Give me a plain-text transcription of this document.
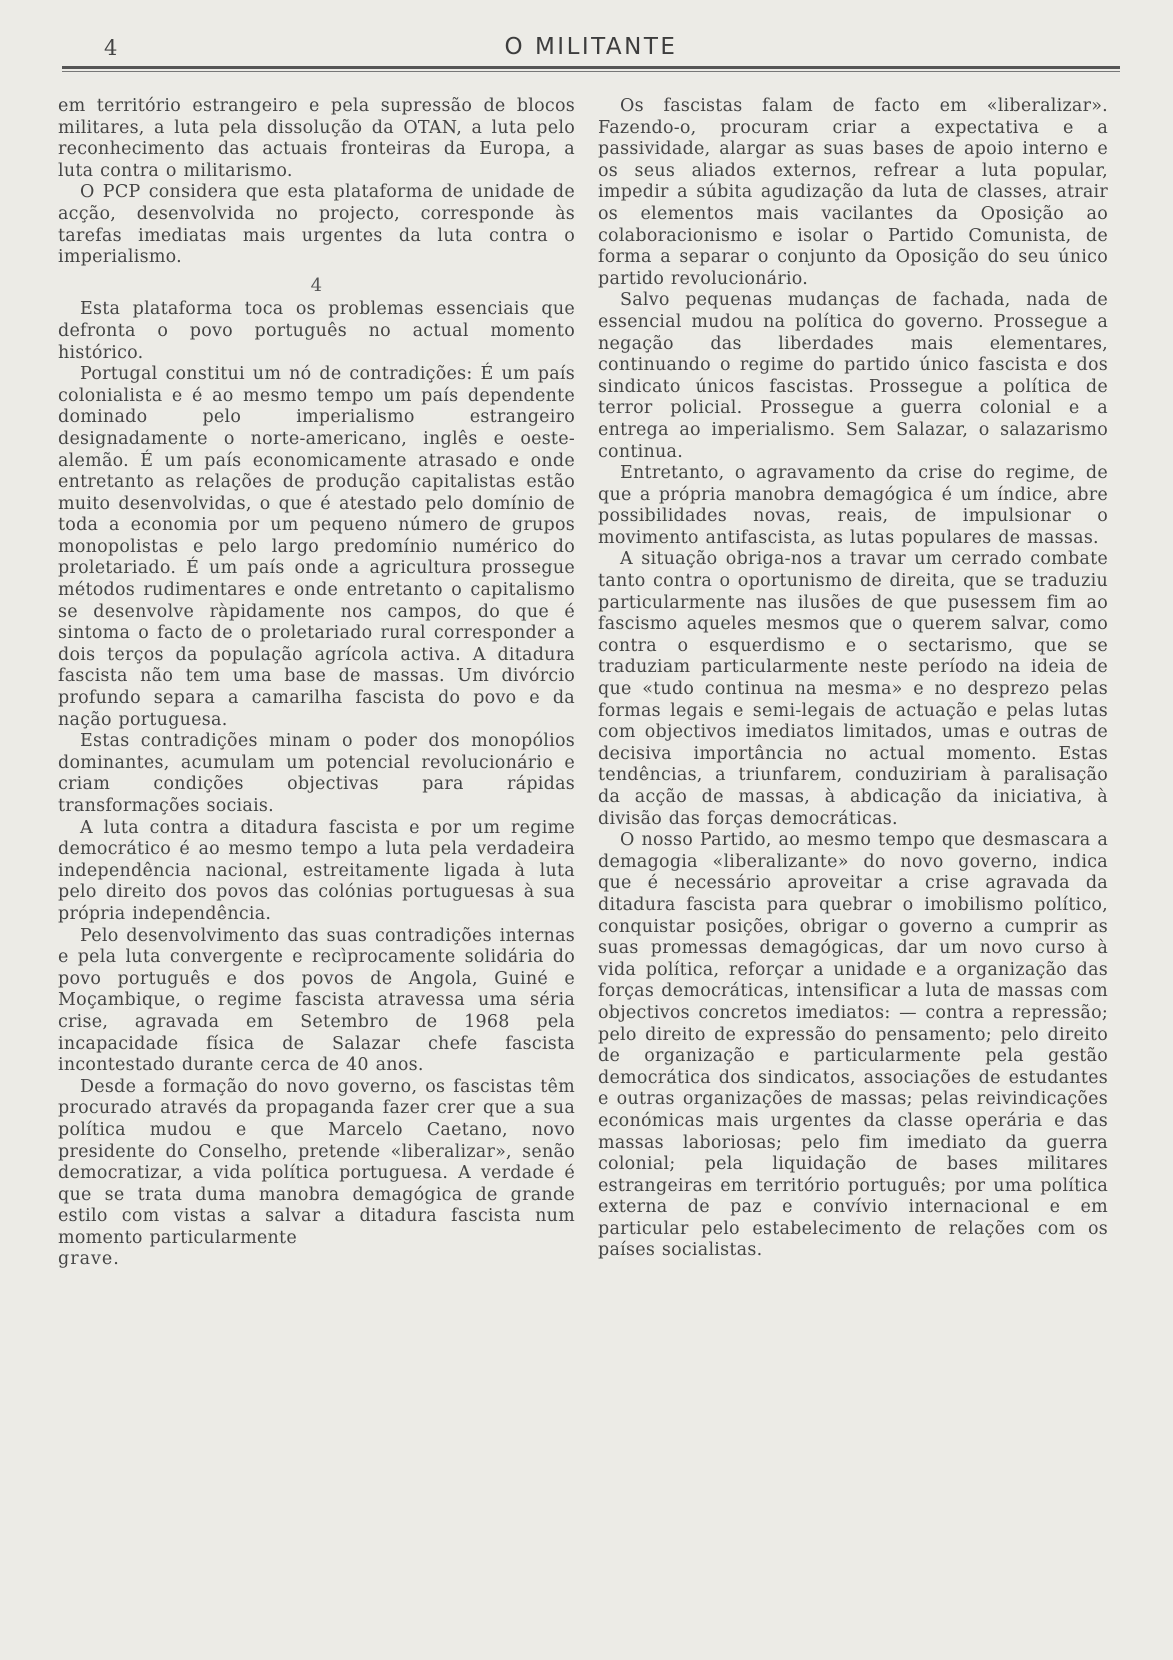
4	O MILITANTE

em território estrangeiro e pela supressão de blocos militares, a luta pela dissolução da OTAN, a luta pelo reconhecimento das actuais fronteiras da Europa, a luta contra o militarismo.

O PCP considera que esta plataforma de unidade de acção, desenvolvida no projecto, corresponde às tarefas imediatas mais urgentes da luta contra o imperialismo.

4

Esta plataforma toca os problemas essenciais que defronta o povo português no actual momento histórico.

Portugal constitui um nó de contradições: É um país colonialista e é ao mesmo tempo um país dependente dominado pelo imperialismo estrangeiro designadamente o norte-americano, inglês e oeste-alemão. É um país economicamente atrasado e onde entretanto as relações de produção capitalistas estão muito desenvolvidas, o que é atestado pelo domínio de toda a economia por um pequeno número de grupos monopolistas e pelo largo predomínio numérico do proletariado. É um país onde a agricultura prossegue métodos rudimentares e onde entretanto o capitalismo se desenvolve ràpidamente nos campos, do que é sintoma o facto de o proletariado rural corresponder a dois terços da população agrícola activa. A ditadura fascista não tem uma base de massas. Um divórcio profundo separa a camarilha fascista do povo e da nação portuguesa.

Estas contradições minam o poder dos monopólios dominantes, acumulam um potencial revolucionário e criam condições objectivas para rápidas transformações sociais.

A luta contra a ditadura fascista e por um regime democrático é ao mesmo tempo a luta pela verdadeira independência nacional, estreitamente ligada à luta pelo direito dos povos das colónias portuguesas à sua própria independência.

Pelo desenvolvimento das suas contradições internas e pela luta convergente e recìprocamente solidária do povo português e dos povos de Angola, Guiné e Moçambique, o regime fascista atravessa uma séria crise, agravada em Setembro de 1968 pela incapacidade física de Salazar chefe fascista incontestado durante cerca de 40 anos.

Desde a formação do novo governo, os fascistas têm procurado através da propaganda fazer crer que a sua política mudou e que Marcelo Caetano, novo presidente do Conselho, pretende «liberalizar», senão democratizar, a vida política portuguesa. A verdade é que se trata duma manobra demagógica de grande estilo com vistas a salvar a ditadura fascista num momento particularmente

grave.

Os fascistas falam de facto em «liberalizar». Fazendo-o, procuram criar a expectativa e a passividade, alargar as suas bases de apoio interno e os seus aliados externos, refrear a luta popular, impedir a súbita agudização da luta de classes, atrair os elementos mais vacilantes da Oposição ao colaboracionismo e isolar o Partido Comunista, de forma a separar o conjunto da Oposição do seu único partido revolucionário.

Salvo pequenas mudanças de fachada, nada de essencial mudou na política do governo. Prossegue a negação das liberdades mais elementares, continuando o regime do partido único fascista e dos sindicato únicos fascistas. Prossegue a política de terror policial. Prossegue a guerra colonial e a entrega ao imperialismo. Sem Salazar, o salazarismo continua.

Entretanto, o agravamento da crise do regime, de que a própria manobra demagógica é um índice, abre possibilidades novas, reais, de impulsionar o movimento antifascista, as lutas populares de massas.

A situação obriga-nos a travar um cerrado combate tanto contra o oportunismo de direita, que se traduziu particularmente nas ilusões de que pusessem fim ao fascismo aqueles mesmos que o querem salvar, como contra o esquerdismo e o sectarismo, que se traduziam particularmente neste período na ideia de que «tudo continua na mesma» e no desprezo pelas formas legais e semi-legais de actuação e pelas lutas com objectivos imediatos limitados, umas e outras de decisiva importância no actual momento. Estas tendências, a triunfarem, conduziriam à paralisação da acção de massas, à abdicação da iniciativa, à divisão das forças democráticas.

O nosso Partido, ao mesmo tempo que desmascara a demagogia «liberalizante» do novo governo, indica que é necessário aproveitar a crise agravada da ditadura fascista para quebrar o imobilismo político, conquistar posições, obrigar o governo a cumprir as suas promessas demagógicas, dar um novo curso à vida política, reforçar a unidade e a organização das forças democráticas, intensificar a luta de massas com objectivos concretos imediatos: — contra a repressão; pelo direito de expressão do pensamento; pelo direito de organização e particularmente pela gestão democrática dos sindicatos, associações de estudantes e outras organizações de massas; pelas reivindicações económicas mais urgentes da classe operária e das massas laboriosas; pelo fim imediato da guerra colonial; pela liquidação de bases militares estrangeiras em território português; por uma política externa de paz e convívio internacional e em particular pelo estabelecimento de relações com os países socialistas.
